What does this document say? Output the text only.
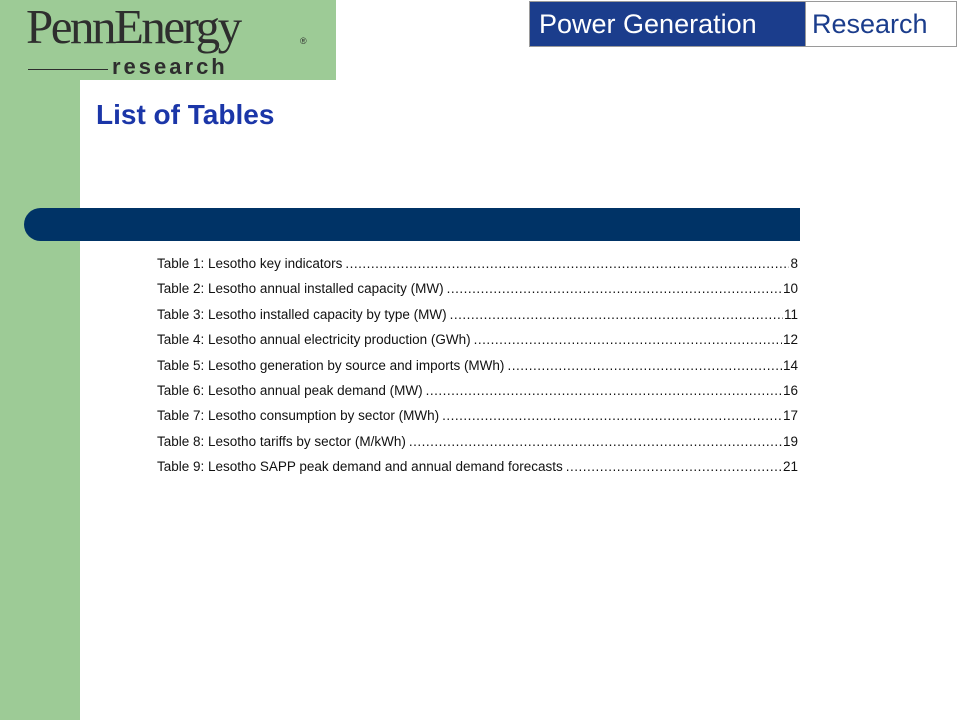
PennEnergy	®
research
Power Generation	Research
List of Tables
Table 1: Lesotho key indicators .....	8
Table 2: Lesotho annual installed capacity (MW) .....	10
Table 3: Lesotho installed capacity by type (MW) .....	11
Table 4: Lesotho annual electricity production (GWh) .....	12
Table 5: Lesotho generation by source and imports (MWh) .....	14
Table 6: Lesotho annual peak demand (MW) .....	16
Table 7: Lesotho consumption by sector (MWh) .....	17
Table 8: Lesotho tariffs by sector (M/kWh) .....	19
Table 9: Lesotho SAPP peak demand and annual demand forecasts .....	21
